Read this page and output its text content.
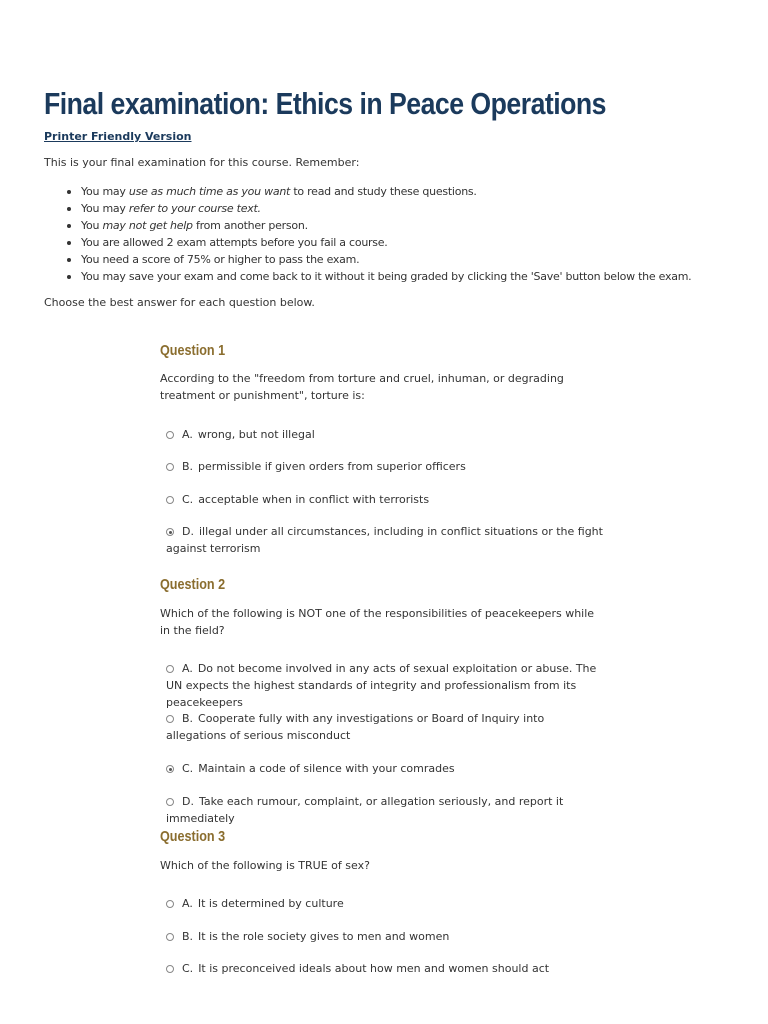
Final examination: Ethics in Peace Operations
Printer Friendly Version

This is your final examination for this course. Remember:

You may use as much time as you want to read and study these questions.
You may refer to your course text.
You may not get help from another person.
You are allowed 2 exam attempts before you fail a course.
You need a score of 75% or higher to pass the exam.
You may save your exam and come back to it without it being graded by clicking the 'Save' button below the exam.

Choose the best answer for each question below.

Question 1

According to the "freedom from torture and cruel, inhuman, or degrading treatment or punishment", torture is:

A. wrong, but not illegal
B. permissible if given orders from superior officers
C. acceptable when in conflict with terrorists
D. illegal under all circumstances, including in conflict situations or the fight against terrorism
Question 2

Which of the following is NOT one of the responsibilities of peacekeepers while in the field?

A. Do not become involved in any acts of sexual exploitation or abuse. The UN expects the highest standards of integrity and professionalism from its peacekeepers
B. Cooperate fully with any investigations or Board of Inquiry into allegations of serious misconduct
C. Maintain a code of silence with your comrades
D. Take each rumour, complaint, or allegation seriously, and report it immediately
Question 3

Which of the following is TRUE of sex?

A. It is determined by culture
B. It is the role society gives to men and women
C. It is preconceived ideals about how men and women should act
